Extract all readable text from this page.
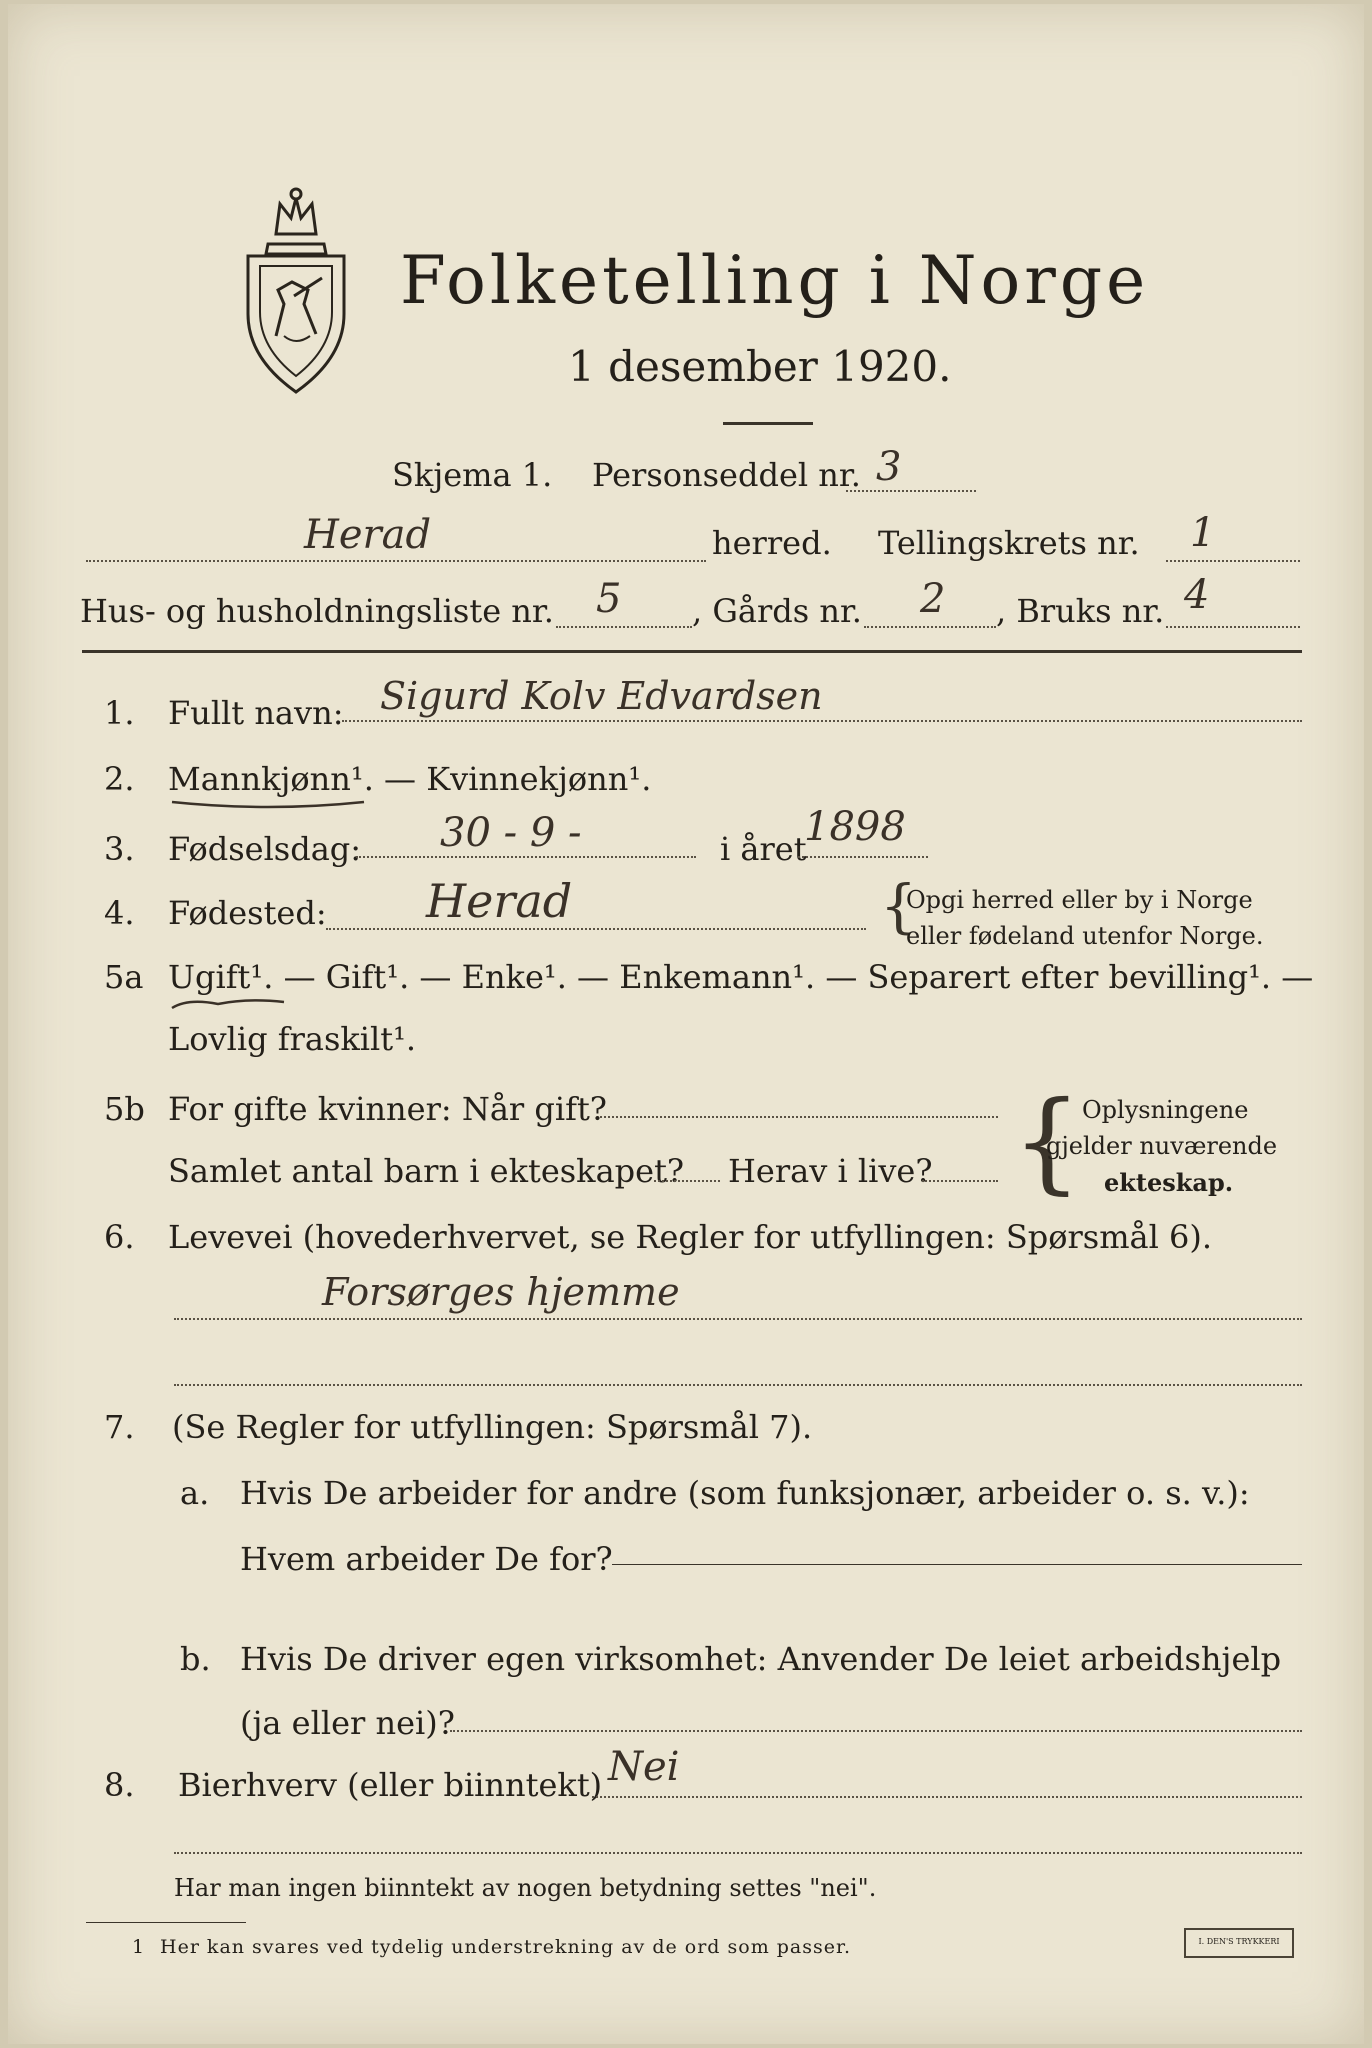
Folketelling i Norge
1 desember 1920.
Skjema 1. Personseddel nr. 3
Herad	herred. Tellingskrets nr. 1
Hus- og husholdningsliste nr. 5 , Gårds nr. 2 , Bruks nr. 4
1. Fullt navn: Sigurd Kolv Edvardsen
2. Mannkjønn¹. — Kvinnekjønn¹.
3. Fødselsdag: 30 - 9 -	i året
1898
4. Fødested: Herad	{
Opgi herred eller by i Norge
eller fødeland utenfor Norge.
5a Ugift¹. — Gift¹. — Enke¹. — Enkemann¹. — Separert efter bevilling¹. —
Lovlig fraskilt¹.
5b For gifte kvinner: Når gift?
Samlet antal barn i ekteskapet? Herav i live? { Oplysningene
gjelder nuværende
ekteskap.
6. Levevei (hovederhvervet, se Regler for utfyllingen: Spørsmål 6).
Forsørges hjemme
7. (Se Regler for utfyllingen: Spørsmål 7).
a. Hvis De arbeider for andre (som funksjonær, arbeider o. s. v.):
Hvem arbeider De for?
b. Hvis De driver egen virksomhet: Anvender De leiet arbeidshjelp
(ja eller nei)?
8. Bierhverv (eller biinntekt) Nei
Har man ingen biinntekt av nogen betydning settes "nei".
1 Her kan svares ved tydelig understrekning av de ord som passer.	I. DEN'S TRYKKERI
